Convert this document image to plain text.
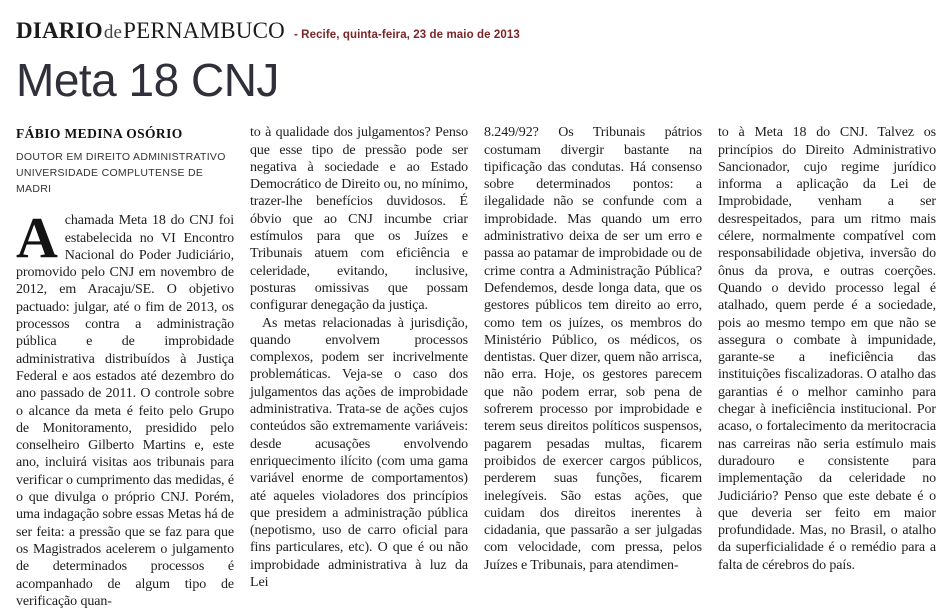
DIARIO de PERNAMBUCO - Recife, quinta-feira, 23 de maio de 2013
Meta 18 CNJ
FÁBIO MEDINA OSÓRIO
DOUTOR EM DIREITO ADMINISTRATIVO
UNIVERSIDADE COMPLUTENSE DE MADRI

Achamada Meta 18 do CNJ foi estabelecida no VI Encontro Nacional do Poder Judiciário, promovido pelo CNJ em novembro de 2012, em Aracaju/SE. O objetivo pactuado: julgar, até o fim de 2013, os processos contra a administração pública e de improbidade administrativa distribuídos à Justiça Federal e aos estados até dezembro do ano passado de 2011. O controle sobre o alcance da meta é feito pelo Grupo de Monitoramento, presidido pelo conselheiro Gilberto Martins e, este ano, incluirá visitas aos tribunais para verificar o cumprimento das medidas, é o que divulga o próprio CNJ. Porém, uma indagação sobre essas Metas há de ser feita: a pressão que se faz para que os Magistrados acelerem o julgamento de determinados processos é acompanhado de algum tipo de verificação quan-

to à qualidade dos julgamentos? Penso que esse tipo de pressão pode ser negativa à sociedade e ao Estado Democrático de Direito ou, no mínimo, trazer-lhe benefícios duvidosos. É óbvio que ao CNJ incumbe criar estímulos para que os Juízes e Tribunais atuem com eficiência e celeridade, evitando, inclusive, posturas omissivas que possam configurar denegação da justiça.

As metas relacionadas à jurisdição, quando envolvem processos complexos, podem ser incrivelmente problemáticas. Veja-se o caso dos julgamentos das ações de improbidade administrativa. Trata-se de ações cujos conteúdos são extremamente variáveis: desde acusações envolvendo enriquecimento ilícito (com uma gama variável enorme de comportamentos) até aqueles violadores dos princípios que presidem a administração pública (nepotismo, uso de carro oficial para fins particulares, etc). O que é ou não improbidade administrativa à luz da Lei

8.249/92? Os Tribunais pátrios costumam divergir bastante na tipificação das condutas. Há consenso sobre determinados pontos: a ilegalidade não se confunde com a improbidade. Mas quando um erro administrativo deixa de ser um erro e passa ao patamar de improbidade ou de crime contra a Administração Pública? Defendemos, desde longa data, que os gestores públicos tem direito ao erro, como tem os juízes, os membros do Ministério Público, os médicos, os dentistas. Quer dizer, quem não arrisca, não erra. Hoje, os gestores parecem que não podem errar, sob pena de sofrerem processo por improbidade e terem seus direitos políticos suspensos, pagarem pesadas multas, ficarem proibidos de exercer cargos públicos, perderem suas funções, ficarem inelegíveis. São estas ações, que cuidam dos direitos inerentes à cidadania, que passarão a ser julgadas com velocidade, com pressa, pelos Juízes e Tribunais, para atendimen-

to à Meta 18 do CNJ. Talvez os princípios do Direito Administrativo Sancionador, cujo regime jurídico informa a aplicação da Lei de Improbidade, venham a ser desrespeitados, para um ritmo mais célere, normalmente compatível com responsabilidade objetiva, inversão do ônus da prova, e outras coerções. Quando o devido processo legal é atalhado, quem perde é a sociedade, pois ao mesmo tempo em que não se assegura o combate à impunidade, garante-se a ineficiência das instituições fiscalizadoras. O atalho das garantias é o melhor caminho para chegar à ineficiência institucional. Por acaso, o fortalecimento da meritocracia nas carreiras não seria estímulo mais duradouro e consistente para implementação da celeridade no Judiciário? Penso que este debate é o que deveria ser feito em maior profundidade. Mas, no Brasil, o atalho da superficialidade é o remédio para a falta de cérebros do país.
